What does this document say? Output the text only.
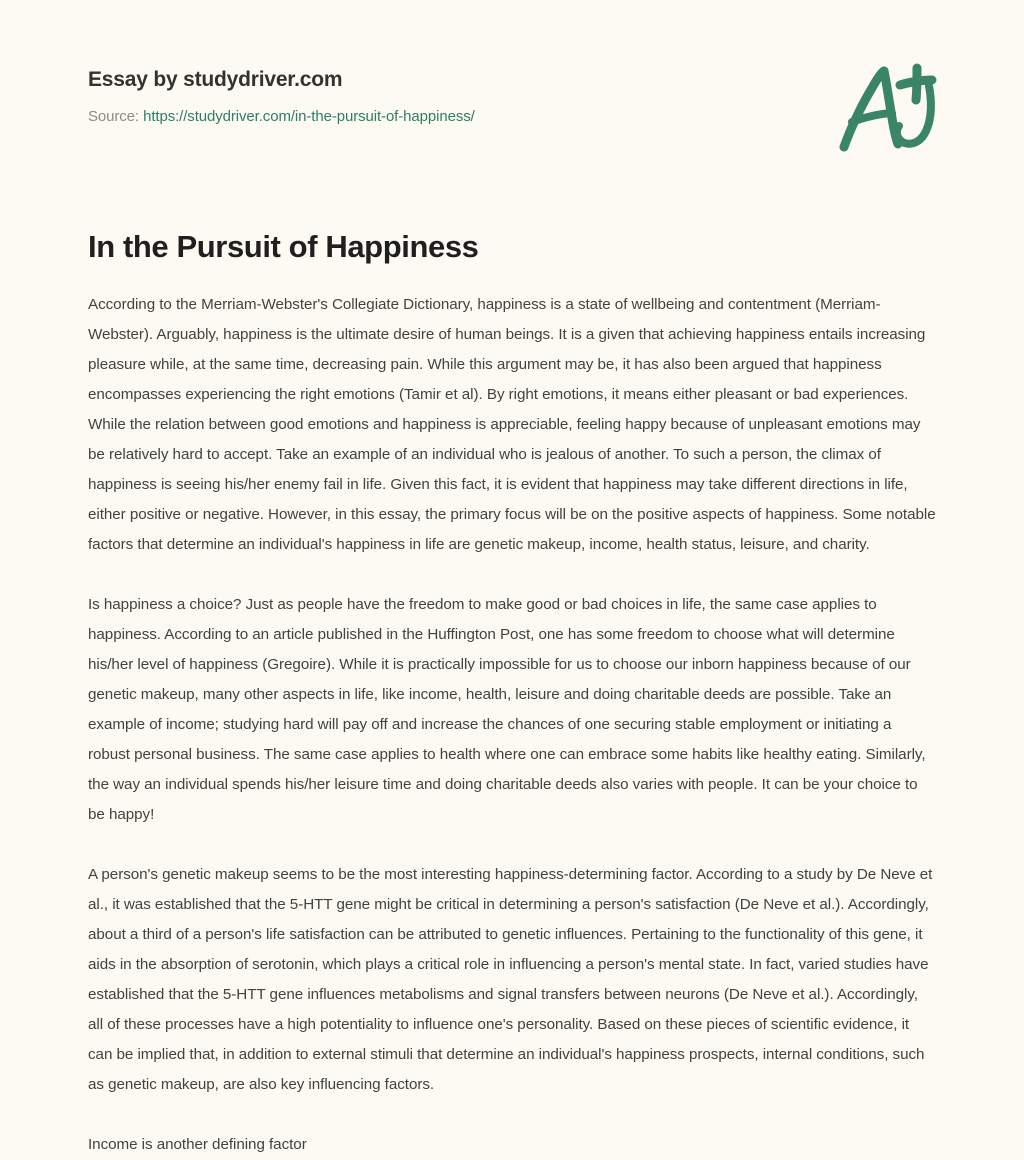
Essay by studydriver.com
Source: https://studydriver.com/in-the-pursuit-of-happiness/
In the Pursuit of Happiness

According to the Merriam-Webster's Collegiate Dictionary, happiness is a state of wellbeing and contentment (Merriam-Webster). Arguably, happiness is the ultimate desire of human beings. It is a given that achieving happiness entails increasing pleasure while, at the same time, decreasing pain. While this argument may be, it has also been argued that happiness encompasses experiencing the right emotions (Tamir et al). By right emotions, it means either pleasant or bad experiences. While the relation between good emotions and happiness is appreciable, feeling happy because of unpleasant emotions may be relatively hard to accept. Take an example of an individual who is jealous of another. To such a person, the climax of happiness is seeing his/her enemy fail in life. Given this fact, it is evident that happiness may take different directions in life, either positive or negative. However, in this essay, the primary focus will be on the positive aspects of happiness. Some notable factors that determine an individual's happiness in life are genetic makeup, income, health status, leisure, and charity.

Is happiness a choice? Just as people have the freedom to make good or bad choices in life, the same case applies to happiness. According to an article published in the Huffington Post, one has some freedom to choose what will determine his/her level of happiness (Gregoire). While it is practically impossible for us to choose our inborn happiness because of our genetic makeup, many other aspects in life, like income, health, leisure and doing charitable deeds are possible. Take an example of income; studying hard will pay off and increase the chances of one securing stable employment or initiating a robust personal business. The same case applies to health where one can embrace some habits like healthy eating. Similarly, the way an individual spends his/her leisure time and doing charitable deeds also varies with people. It can be your choice to be happy!

A person's genetic makeup seems to be the most interesting happiness-determining factor. According to a study by De Neve et al., it was established that the 5-HTT gene might be critical in determining a person's satisfaction (De Neve et al.). Accordingly, about a third of a person's life satisfaction can be attributed to genetic influences. Pertaining to the functionality of this gene, it aids in the absorption of serotonin, which plays a critical role in influencing a person's mental state. In fact, varied studies have established that the 5-HTT gene influences metabolisms and signal transfers between neurons (De Neve et al.). Accordingly, all of these processes have a high potentiality to influence one's personality. Based on these pieces of scientific evidence, it can be implied that, in addition to external stimuli that determine an individual's happiness prospects, internal conditions, such as genetic makeup, are also key influencing factors.

Income is another defining factor
